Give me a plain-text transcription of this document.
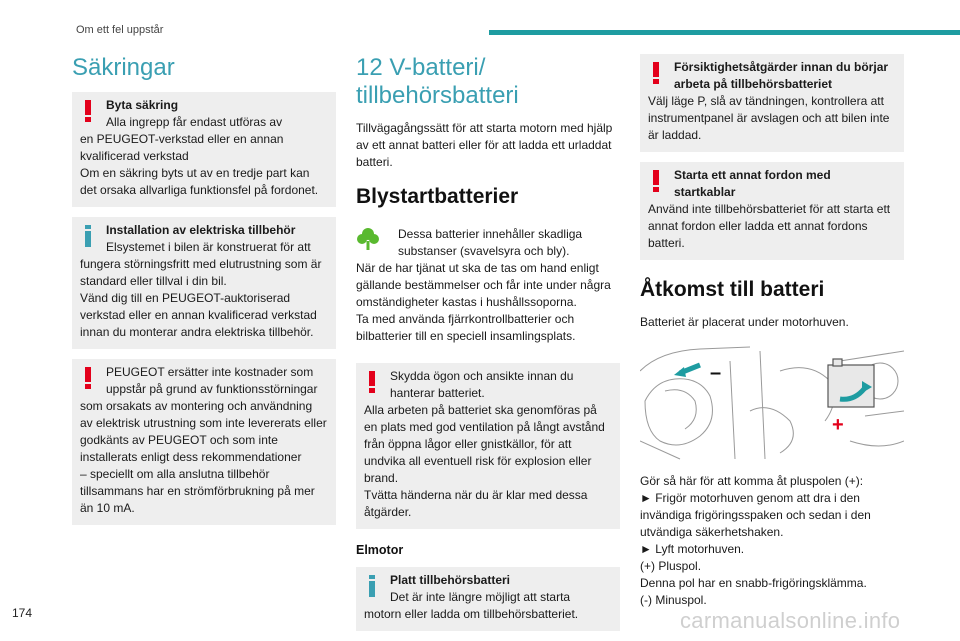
Om ett fel uppstår
Säkringar
Byta säkring
Alla ingrepp får endast utföras av
en PEUGEOT-verkstad eller en annan kvalificerad verkstad
Om en säkring byts ut av en tredje part kan det orsaka allvarliga funktionsfel på fordonet.
Installation av elektriska tillbehör
Elsystemet i bilen är konstruerat för att
fungera störningsfritt med elutrustning som är standard eller tillval i din bil.
Vänd dig till en PEUGEOT-auktoriserad verkstad eller en annan kvalificerad verkstad innan du monterar andra elektriska tillbehör.
PEUGEOT ersätter inte kostnader som
uppstår på grund av funktionsstörningar
som orsakats av montering och användning av elektrisk utrustning som inte levererats eller godkänts av PEUGEOT och som inte installerats enligt dess rekommendationer
– speciellt om alla anslutna tillbehör tillsammans har en strömförbrukning på mer än 10 mA.
12 V-batteri/ tillbehörsbatteri
Tillvägagångssätt för att starta motorn med hjälp av ett annat batteri eller för att ladda ett urladdat batteri.
Blystartbatterier
Dessa batterier innehåller skadliga
substanser (svavelsyra och bly).
När de har tjänat ut ska de tas om hand enligt gällande bestämmelser och får inte under några omständigheter kastas i hushållssoporna.
Ta med använda fjärrkontrollbatterier och bilbatterier till en speciell insamlingsplats.
Skydda ögon och ansikte innan du
hanterar batteriet.
Alla arbeten på batteriet ska genomföras på en plats med god ventilation på långt avstånd från öppna lågor eller gnistkällor, för att undvika all eventuell risk för explosion eller brand.
Tvätta händerna när du är klar med dessa åtgärder.
Elmotor
Platt tillbehörsbatteri
Det är inte längre möjligt att starta
motorn eller ladda om tillbehörsbatteriet.
Försiktighetsåtgärder innan du börjar
arbeta på tillbehörsbatteriet
Välj läge P, slå av tändningen, kontrollera att instrumentpanel är avslagen och att bilen inte är laddad.
Starta ett annat fordon med
startkablar
Använd inte tillbehörsbatteriet för att starta ett annat fordon eller ladda ett annat fordons batteri.
Åtkomst till batteri
Batteriet är placerat under motorhuven.
–
+
Gör så här för att komma åt pluspolen (+):
► Frigör motorhuven genom att dra i den invändiga frigöringsspaken och sedan i den utvändiga säkerhetshaken.
► Lyft motorhuven.
(+) Pluspol.
Denna pol har en snabb-frigöringsklämma.
(-) Minuspol.
174	carmanualsonline.info
